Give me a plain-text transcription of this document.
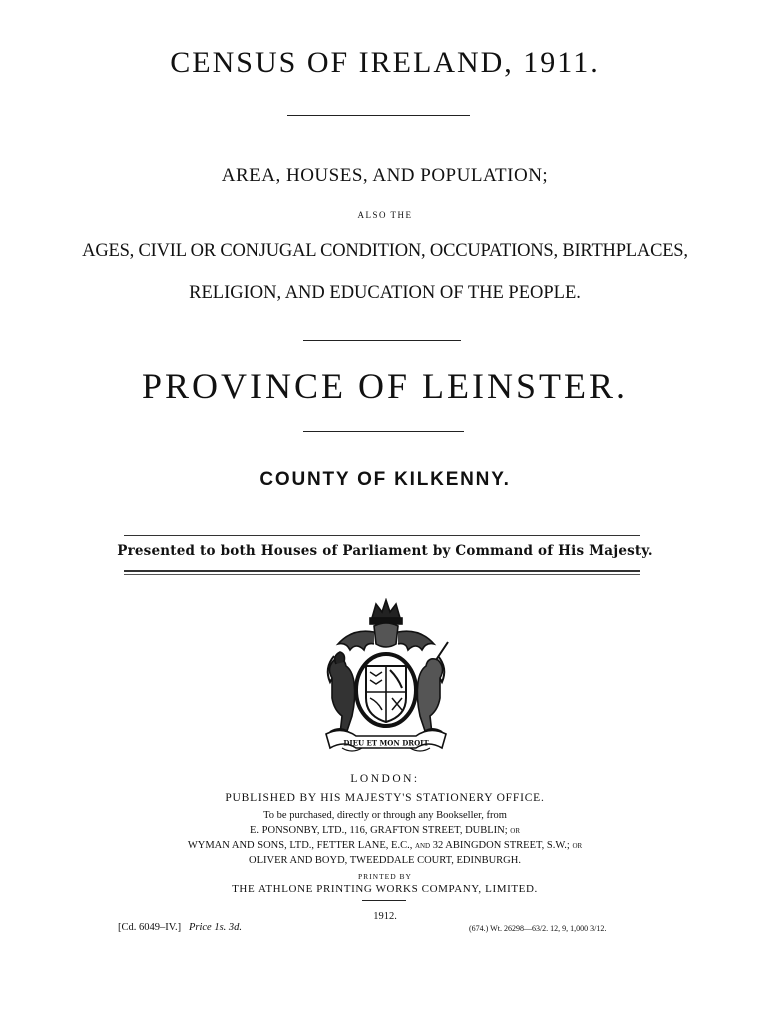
CENSUS OF IRELAND, 1911.
AREA, HOUSES, AND POPULATION;
ALSO THE
AGES, CIVIL OR CONJUGAL CONDITION, OCCUPATIONS, BIRTHPLACES,
RELIGION, AND EDUCATION OF THE PEOPLE.
PROVINCE OF LEINSTER.
COUNTY OF KILKENNY.
Presented to both Houses of Parliament by Command of His Majesty.
DIEU ET MON DROIT
LONDON:
PUBLISHED BY HIS MAJESTY'S STATIONERY OFFICE.
To be purchased, directly or through any Bookseller, from
E. PONSONBY, LTD., 116, GRAFTON STREET, DUBLIN; or
WYMAN AND SONS, LTD., FETTER LANE, E.C., and 32 ABINGDON STREET, S.W.; or
OLIVER AND BOYD, TWEEDDALE COURT, EDINBURGH.
PRINTED BY
THE ATHLONE PRINTING WORKS COMPANY, LIMITED.
1912.
[Cd. 6049–IV.] Price 1s. 3d.	(674.) Wt. 26298—63/2. 12, 9, 1,000 3/12.
